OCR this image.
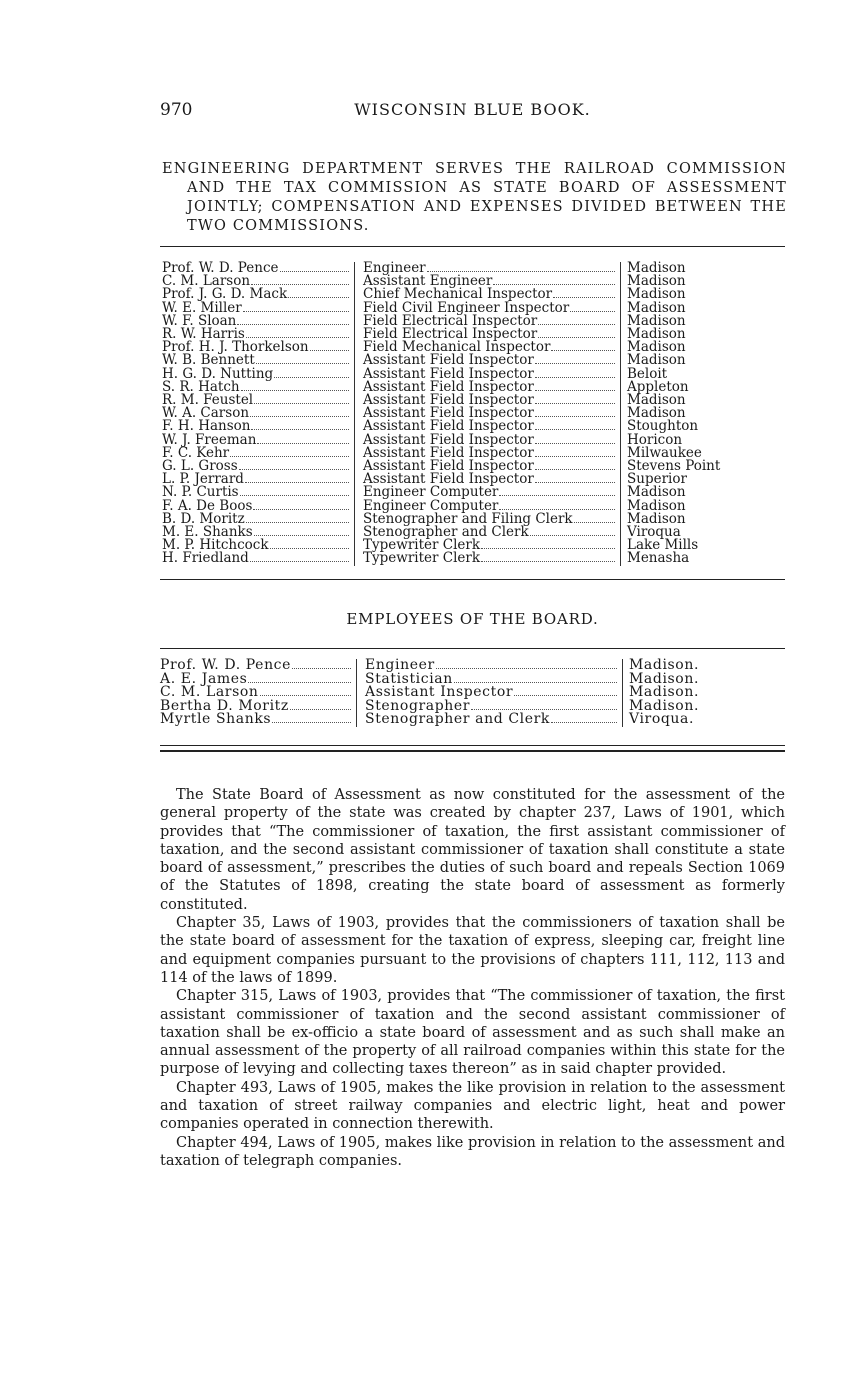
970	WISCONSIN BLUE BOOK.
ENGINEERING DEPARTMENT SERVES THE RAILROAD COMMISSION AND THE TAX COMMISSION AS STATE BOARD OF ASSESSMENT JOINTLY; COMPENSATION AND EXPENSES DIVIDED BETWEEN THE TWO COMMISSIONS.
Prof. W. D. Pence	Engineer	Madison

C. M. Larson	Assistant Engineer	Madison

Prof. J. G. D. Mack	Chief Mechanical Inspector	Madison

W. E. Miller	Field Civil Engineer Inspector	Madison

W. F. Sloan	Field Electrical Inspector	Madison

R. W. Harris	Field Electrical Inspector	Madison

Prof. H. J. Thorkelson	Field Mechanical Inspector	Madison

W. B. Bennett	Assistant Field Inspector	Madison

H. G. D. Nutting	Assistant Field Inspector	Beloit

S. R. Hatch	Assistant Field Inspector	Appleton

R. M. Feustel	Assistant Field Inspector	Madison

W. A. Carson	Assistant Field Inspector	Madison

F. H. Hanson	Assistant Field Inspector	Stoughton

W. J. Freeman	Assistant Field Inspector	Horicon

F. C. Kehr	Assistant Field Inspector	Milwaukee

G. L. Gross	Assistant Field Inspector	Stevens Point

L. P. Jerrard	Assistant Field Inspector	Superior

N. P. Curtis	Engineer Computer	Madison

F. A. De Boos	Engineer Computer	Madison

B. D. Moritz	Stenographer and Filing Clerk	Madison

M. E. Shanks	Stenographer and Clerk	Viroqua

M. P. Hitchcock	Typewriter Clerk	Lake Mills

H. Friedland	Typewriter Clerk	Menasha
EMPLOYEES OF THE BOARD.
Prof. W. D. Pence	Engineer	Madison.

A. E. James	Statistician	Madison.

C. M. Larson	Assistant Inspector	Madison.

Bertha D. Moritz	Stenographer	Madison.

Myrtle Shanks	Stenographer and Clerk	Viroqua.

The State Board of Assessment as now constituted for the assessment of the general property of the state was created by chapter 237, Laws of 1901, which provides that “The commissioner of taxation, the first assistant commissioner of taxation, and the second assistant commissioner of taxation shall constitute a state board of assessment,” prescribes the duties of such board and repeals Section 1069 of the Statutes of 1898, creating the state board of assessment as formerly constituted.

Chapter 35, Laws of 1903, provides that the commissioners of taxation shall be the state board of assessment for the taxation of express, sleeping car, freight line and equipment companies pursuant to the provisions of chapters 111, 112, 113 and 114 of the laws of 1899.

Chapter 315, Laws of 1903, provides that “The commissioner of taxation, the first assistant commissioner of taxation and the second assistant commissioner of taxation shall be ex-officio a state board of assessment and as such shall make an annual assessment of the property of all railroad companies within this state for the purpose of levying and collecting taxes thereon” as in said chapter provided.

Chapter 493, Laws of 1905, makes the like provision in relation to the assessment and taxation of street railway companies and electric light, heat and power companies operated in connection therewith.

Chapter 494, Laws of 1905, makes like provision in relation to the assessment and taxation of telegraph companies.
